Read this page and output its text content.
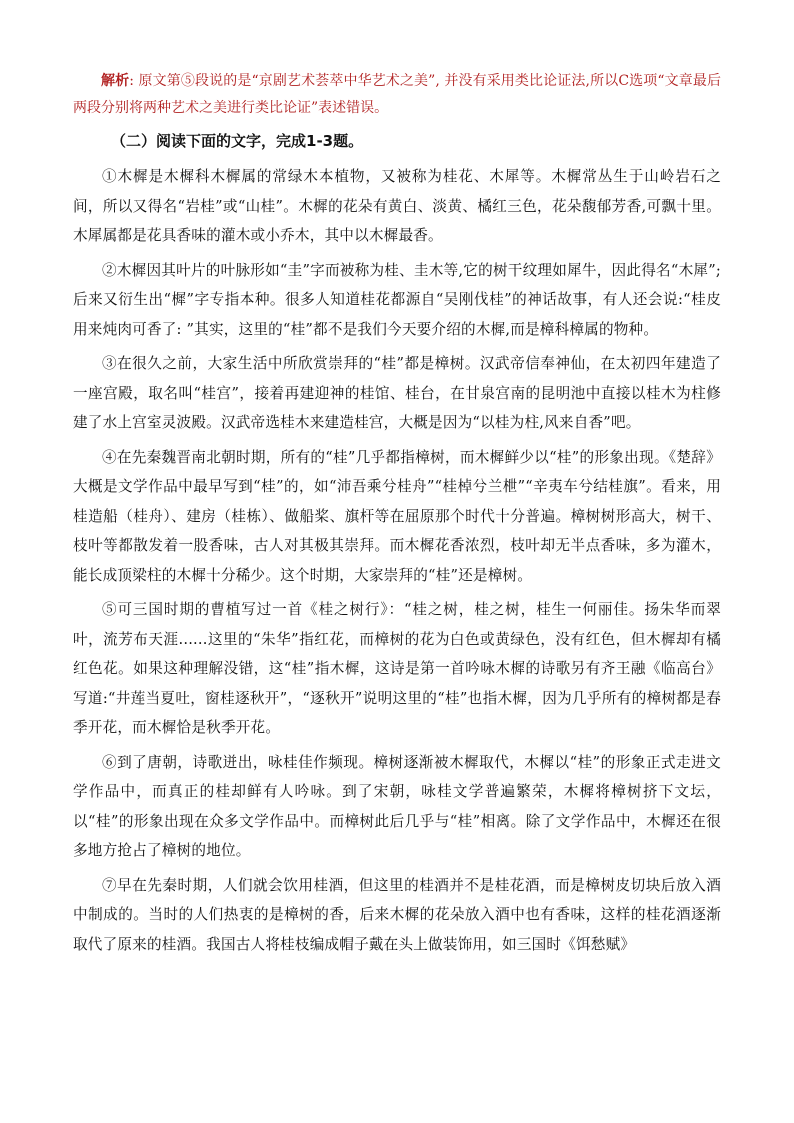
解析: 原文第⑤段说的是“京剧艺术荟萃中华艺术之美”, 并没有采用类比论证法,所以C选项“文章最后两段分别将两种艺术之美进行类比论证”表述错误。

（二）阅读下面的文字，完成1-3题。

①木樨是木樨科木樨属的常绿木本植物，又被称为桂花、木犀等。木樨常丛生于山岭岩石之间，所以又得名“岩桂”或“山桂”。木樨的花朵有黄白、淡黄、橘红三色，花朵馥郁芳香,可飘十里。木犀属都是花具香味的灌木或小乔木，其中以木樨最香。

②木樨因其叶片的叶脉形如“圭”字而被称为桂、圭木等,它的树干纹理如犀牛，因此得名“木犀”; 后来又衍生出“樨”字专指本种。很多人知道桂花都源自“吴刚伐桂”的神话故事，有人还会说:“桂皮 用来炖肉可香了: ”其实，这里的“桂”都不是我们今天要介绍的木樨,而是樟科樟属的物种。

③在很久之前，大家生活中所欣赏崇拜的“桂”都是樟树。汉武帝信奉神仙，在太初四年建造了一座宫殿，取名叫“桂宫”，接着再建迎神的桂馆、桂台，在甘泉宫南的昆明池中直接以桂木为柱修建了水上宫室灵波殿。汉武帝选桂木来建造桂宫，大概是因为“以桂为柱,风来自香”吧。

④在先秦魏晋南北朝时期，所有的“桂”几乎都指樟树，而木樨鲜少以“桂”的形象出现。《楚辞》大概是文学作品中最早写到“桂”的，如“沛吾乘兮桂舟”“桂棹兮兰枻”“辛夷车兮结桂旗”。看来，用桂造船（桂舟）、建房（桂栋）、做船桨、旗杆等在屈原那个时代十分普遍。樟树树形高大，树干、枝叶等都散发着一股香味，古人对其极其崇拜。而木樨花香浓烈，枝叶却无半点香味，多为灌木，能长成顶梁柱的木樨十分稀少。这个时期，大家崇拜的“桂”还是樟树。

⑤可三国时期的曹植写过一首《桂之树行》：“桂之树，桂之树，桂生一何丽佳。扬朱华而翠叶，流芳布天涯......这里的“朱华”指红花，而樟树的花为白色或黄绿色，没有红色，但木樨却有橘红色花。如果这种理解没错，这“桂”指木樨，这诗是第一首吟咏木樨的诗歌另有齐王融《临高台》写道:“井莲当夏吐，窗桂逐秋开”，“逐秋开”说明这里的“桂”也指木樨，因为几乎所有的樟树都是春季开花，而木樨恰是秋季开花。

⑥到了唐朝，诗歌迸出，咏桂佳作频现。樟树逐渐被木樨取代，木樨以“桂”的形象正式走进文学作品中，而真正的桂却鲜有人吟咏。到了宋朝，咏桂文学普遍繁荣，木樨将樟树挤下文坛，以“桂”的形象出现在众多文学作品中。而樟树此后几乎与“桂”相离。除了文学作品中，木樨还在很多地方抢占了樟树的地位。

⑦早在先秦时期，人们就会饮用桂酒，但这里的桂酒并不是桂花酒，而是樟树皮切块后放入酒中制成的。当时的人们热衷的是樟树的香，后来木樨的花朵放入酒中也有香味，这样的桂花酒逐渐取代了原来的桂酒。我国古人将桂枝编成帽子戴在头上做装饰用，如三国时《饵愁赋》
